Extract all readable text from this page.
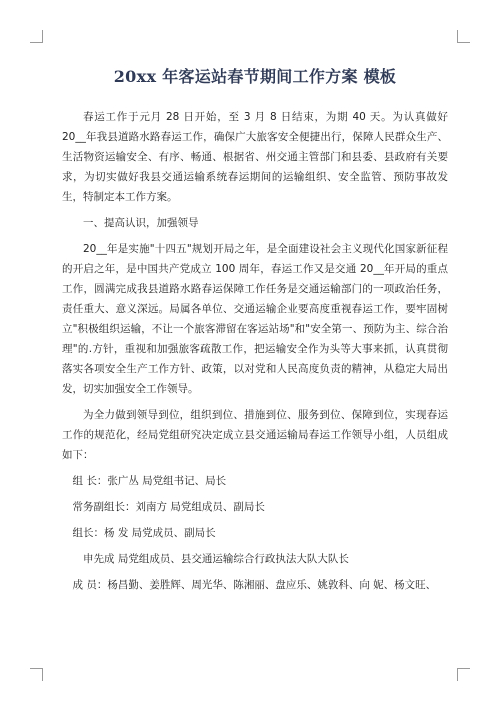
20xx 年客运站春节期间工作方案 模板

春运工作于元月 28 日开始，至 3 月 8 日结束，为期 40 天。为认真做好 20__年我县道路水路春运工作，确保广大旅客安全便捷出行，保障人民群众生产、生活物资运输安全、有序、畅通、根据省、州交通主管部门和县委、县政府有关要求，为切实做好我县交通运输系统春运期间的运输组织、安全监管、预防事故发生，特制定本工作方案。

一、提高认识，加强领导

20__年是实施"十四五"规划开局之年，是全面建设社会主义现代化国家新征程的开启之年，是中国共产党成立 100 周年，春运工作又是交通 20__年开局的重点工作，圆满完成我县道路水路春运保障工作任务是交通运输部门的一项政治任务，责任重大、意义深远。局属各单位、交通运输企业要高度重视春运工作，要牢固树立"积极组织运输，不让一个旅客滞留在客运站场"和"安全第一、预防为主、综合治理"的.方针，重视和加强旅客疏散工作，把运输安全作为头等大事来抓，认真贯彻落实各项安全生产工作方针、政策，以对党和人民高度负责的精神，从稳定大局出发，切实加强安全工作领导。

为全力做到领导到位，组织到位、措施到位、服务到位、保障到位，实现春运工作的规范化，经局党组研究决定成立县交通运输局春运工作领导小组，人员组成如下：

组 长：张广丛 局党组书记、局长

常务副组长：刘南方 局党组成员、副局长

组长：杨 发 局党成员、副局长

申先成 局党组成员、县交通运输综合行政执法大队大队长

成 员：杨昌勤、姜胜辉、周光华、陈湘丽、盘应乐、姚敦科、向 妮、杨文旺、
